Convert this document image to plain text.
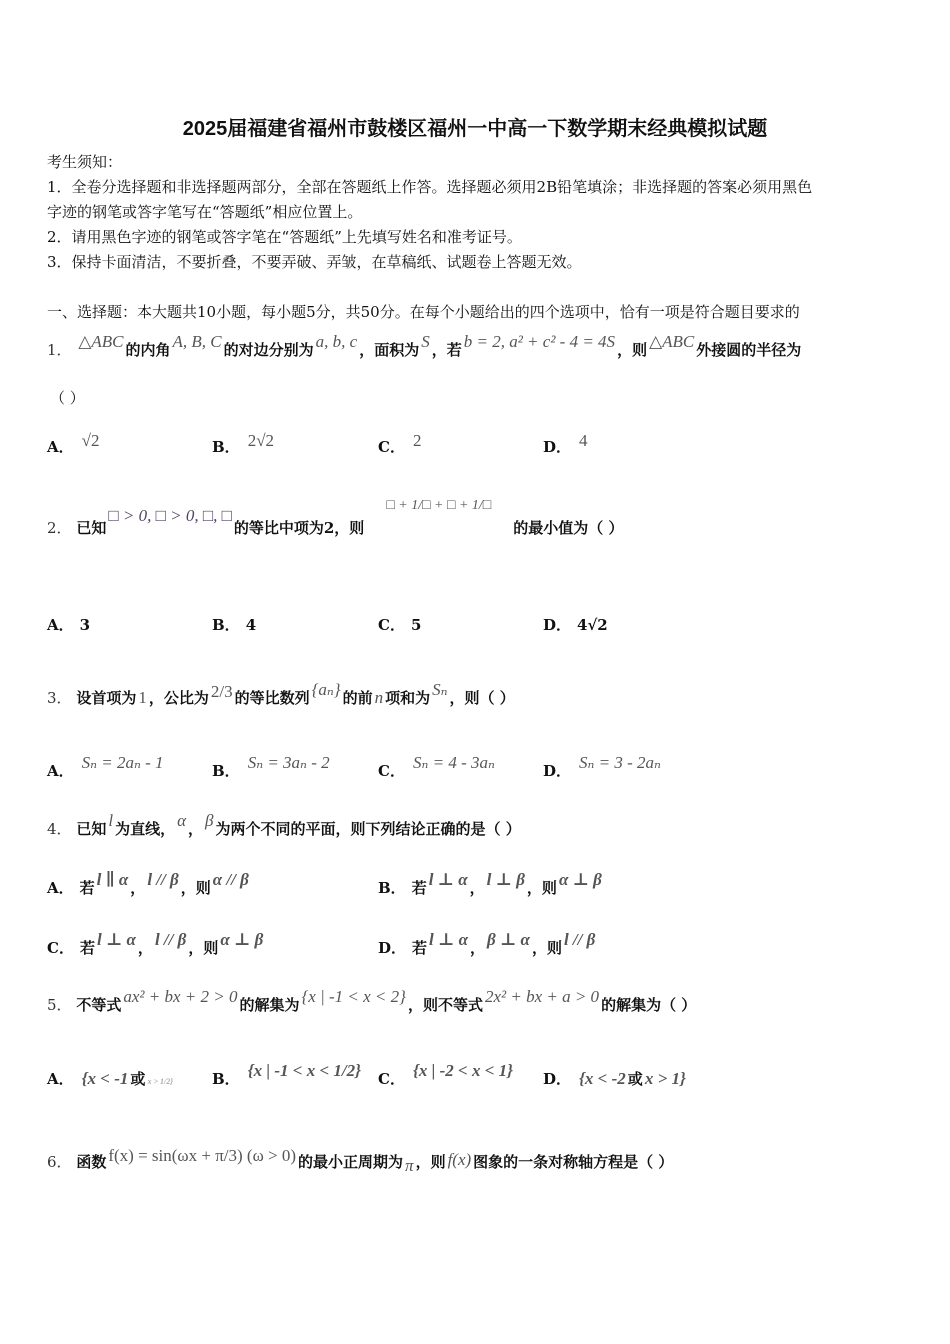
2025届福建省福州市鼓楼区福州一中高一下数学期末经典模拟试题
考生须知：
1．全卷分选择题和非选择题两部分，全部在答题纸上作答。选择题必须用2B铅笔填涂；非选择题的答案必须用黑色
字迹的钢笔或答字笔写在“答题纸”相应位置上。
2．请用黑色字迹的钢笔或答字笔在“答题纸”上先填写姓名和准考证号。
3．保持卡面清洁，不要折叠，不要弄破、弄皱，在草稿纸、试题卷上答题无效。
一、选择题：本大题共10小题，每小题5分，共50分。在每个小题给出的四个选项中，恰有一项是符合题目要求的
1． △ABC 的内角 A, B, C 的对边分别为 a, b, c ，面积为 S ，若 b = 2, a² + c² - 4 = 4S ，则 △ABC 外接圆的半径为
（ ）
A． √2	B． 2√2	C． 2	D． 4
2． 已知□ > 0, □ > 0, □, □的等比中项为2，则□ + 1/□ + □ + 1/□的最小值为（ ）
A． 3	B． 4	C． 5	D． 4√2
3． 设首项为 1 ，公比为 2/3 的等比数列 {aₙ} 的前 n 项和为 Sₙ ，则（ ）
A． Sₙ = 2aₙ - 1	B． Sₙ = 3aₙ - 2	C． Sₙ = 4 - 3aₙ	D． Sₙ = 3 - 2aₙ
4． 已知 l 为直线， α ， β 为两个不同的平面，则下列结论正确的是（ ）
A． 若 l ∥ α ， l // β ，则 α // β	B． 若 l ⊥ α ， l ⊥ β ，则 α ⊥ β
C． 若 l ⊥ α ， l // β ，则 α ⊥ β	D． 若 l ⊥ α ， β ⊥ α ，则 l // β
5． 不等式 ax² + bx + 2 > 0 的解集为 {x | -1 < x < 2} ，则不等式 2x² + bx + a > 0 的解集为（ ）
A． {x < -1 或 x > 1/2}	B． {x | -1 < x < 1/2} C． {x | -2 < x < 1} D． {x < -2 或 x > 1}
6． 函数 f(x) = sin(ωx + π/3) (ω > 0) 的最小正周期为 π ，则 f(x) 图象的一条对称轴方程是（ ）
